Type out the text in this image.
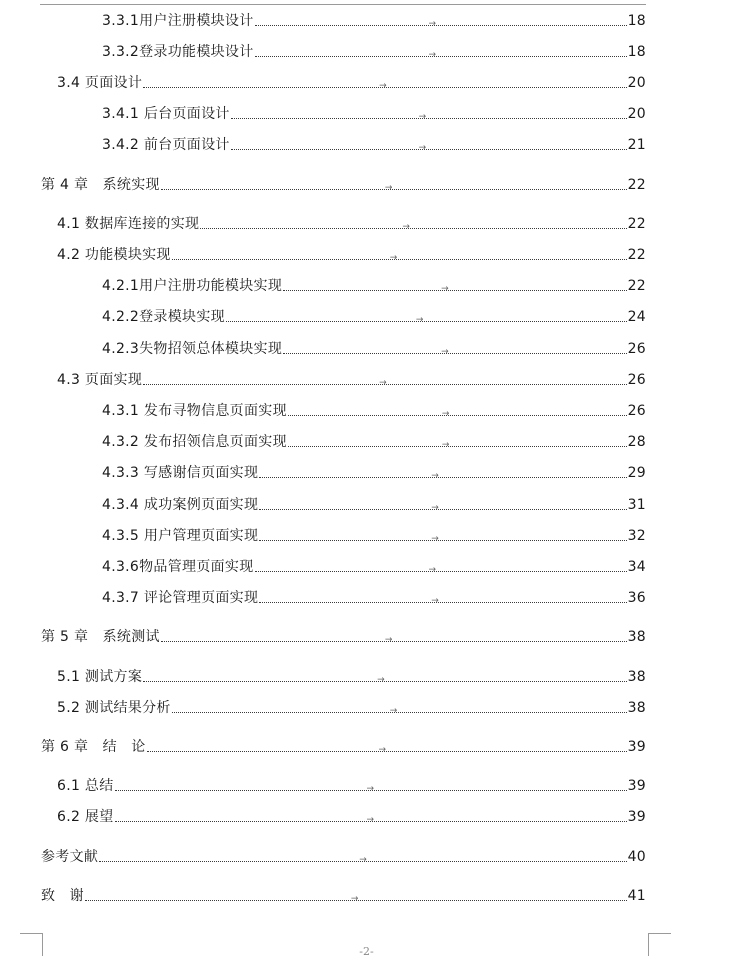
3.3.1用户注册模块设计	→	18
3.3.2登录功能模块设计	→	18
3.4 页面设计	→	20
3.4.1 后台页面设计	→	20
3.4.2 前台页面设计	→	21
第 4 章　系统实现	→	22
4.1 数据库连接的实现	→	22
4.2 功能模块实现	→	22
4.2.1用户注册功能模块实现	→	22
4.2.2登录模块实现	→	24
4.2.3失物招领总体模块实现	→	26
4.3 页面实现	→	26
4.3.1 发布寻物信息页面实现	→	26
4.3.2 发布招领信息页面实现	→	28
4.3.3 写感谢信页面实现	→	29
4.3.4 成功案例页面实现	→	31
4.3.5 用户管理页面实现	→	32
4.3.6物品管理页面实现	→	34
4.3.7 评论管理页面实现	→	36
第 5 章　系统测试	→	38
5.1 测试方案	→	38
5.2 测试结果分析	→	38
第 6 章　结　论	→	39
6.1 总结	→	39
6.2 展望	→	39
参考文献	→	40
致　谢	→	41
-2-
